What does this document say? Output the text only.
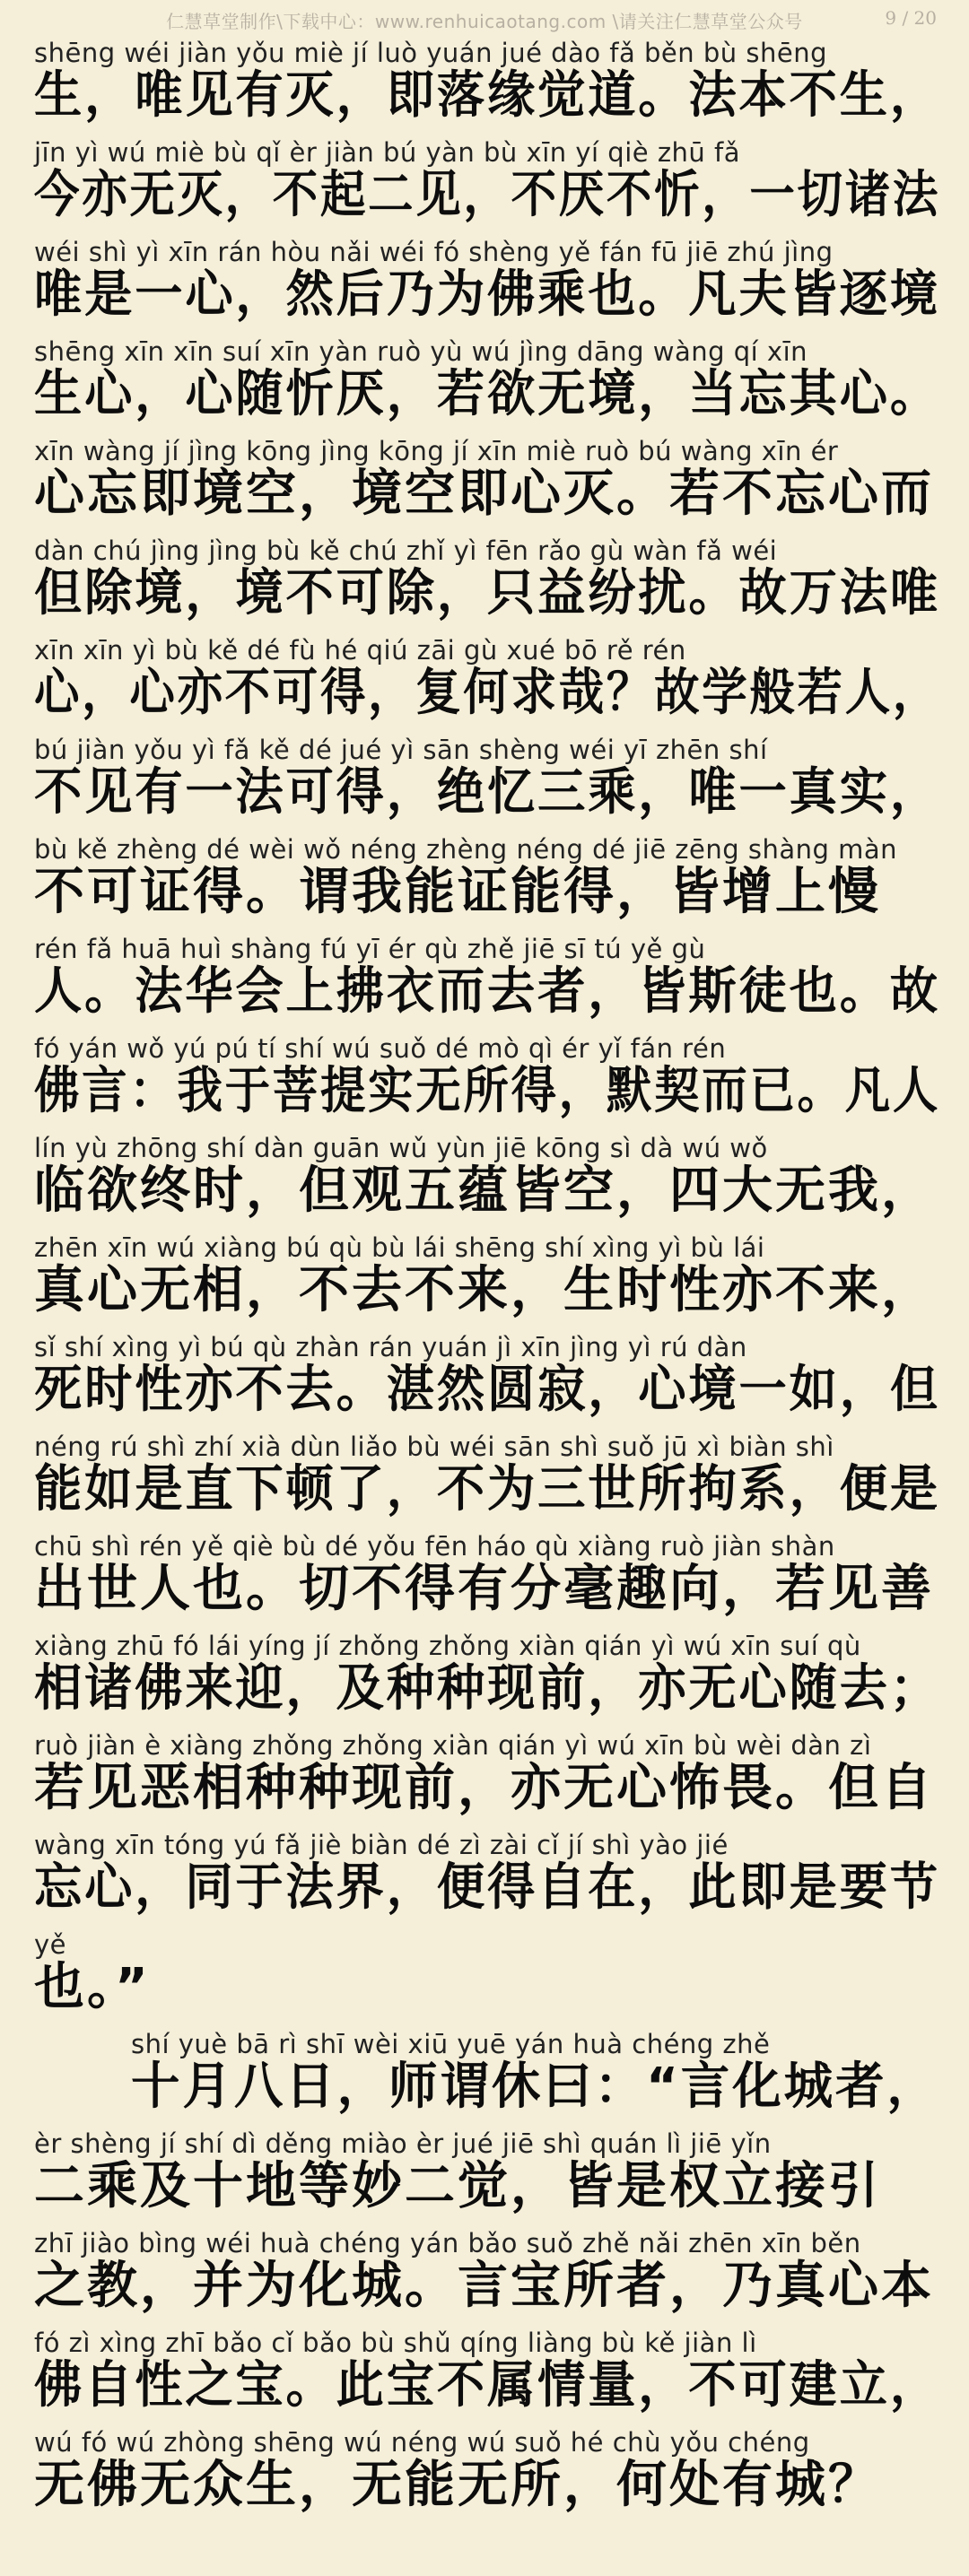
仁慧草堂制作\下载中心：www.renhuicaotang.com \请关注仁慧草堂公众号	9 / 20
shēng wéi jiàn yǒu miè jí luò yuán jué dào fǎ běn bù shēng
生，唯见有灭，即落缘觉道。法本不生，
jīn yì wú miè bù qǐ èr jiàn bú yàn bù xīn yí qiè zhū fǎ
今亦无灭，不起二见，不厌不忻，一切诸法
wéi shì yì xīn rán hòu nǎi wéi fó shèng yě fán fū jiē zhú jìng
唯是一心，然后乃为佛乘也。凡夫皆逐境
shēng xīn xīn suí xīn yàn ruò yù wú jìng dāng wàng qí xīn
生心，心随忻厌，若欲无境，当忘其心。
xīn wàng jí jìng kōng jìng kōng jí xīn miè ruò bú wàng xīn ér
心忘即境空，境空即心灭。若不忘心而
dàn chú jìng jìng bù kě chú zhǐ yì fēn rǎo gù wàn fǎ wéi
但除境，境不可除，只益纷扰。故万法唯
xīn xīn yì bù kě dé fù hé qiú zāi gù xué bō rě rén
心，心亦不可得，复何求哉？故学般若人，
bú jiàn yǒu yì fǎ kě dé jué yì sān shèng wéi yī zhēn shí
不见有一法可得，绝忆三乘，唯一真实，
bù kě zhèng dé wèi wǒ néng zhèng néng dé jiē zēng shàng màn
不可证得。谓我能证能得，皆增上慢
rén fǎ huā huì shàng fú yī ér qù zhě jiē sī tú yě gù
人。法华会上拂衣而去者，皆斯徒也。故
fó yán wǒ yú pú tí shí wú suǒ dé mò qì ér yǐ fán rén
佛言：我于菩提实无所得，默契而已。凡人
lín yù zhōng shí dàn guān wǔ yùn jiē kōng sì dà wú wǒ
临欲终时，但观五蕴皆空，四大无我，
zhēn xīn wú xiàng bú qù bù lái shēng shí xìng yì bù lái
真心无相，不去不来，生时性亦不来，
sǐ shí xìng yì bú qù zhàn rán yuán jì xīn jìng yì rú dàn
死时性亦不去。湛然圆寂，心境一如，但
néng rú shì zhí xià dùn liǎo bù wéi sān shì suǒ jū xì biàn shì
能如是直下顿了，不为三世所拘系，便是
chū shì rén yě qiè bù dé yǒu fēn háo qù xiàng ruò jiàn shàn
出世人也。切不得有分毫趣向，若见善
xiàng zhū fó lái yíng jí zhǒng zhǒng xiàn qián yì wú xīn suí qù
相诸佛来迎，及种种现前，亦无心随去；
ruò jiàn è xiàng zhǒng zhǒng xiàn qián yì wú xīn bù wèi dàn zì
若见恶相种种现前，亦无心怖畏。但自
wàng xīn tóng yú fǎ jiè biàn dé zì zài cǐ jí shì yào jié
忘心，同于法界，便得自在，此即是要节
yě
也。”
shí yuè bā rì shī wèi xiū yuē yán huà chéng zhě
十月八日，师谓休曰：“言化城者，
èr shèng jí shí dì děng miào èr jué jiē shì quán lì jiē yǐn
二乘及十地等妙二觉，皆是权立接引
zhī jiào bìng wéi huà chéng yán bǎo suǒ zhě nǎi zhēn xīn běn
之教，并为化城。言宝所者，乃真心本
fó zì xìng zhī bǎo cǐ bǎo bù shǔ qíng liàng bù kě jiàn lì
佛自性之宝。此宝不属情量，不可建立，
wú fó wú zhòng shēng wú néng wú suǒ hé chù yǒu chéng
无佛无众生，无能无所，何处有城？
